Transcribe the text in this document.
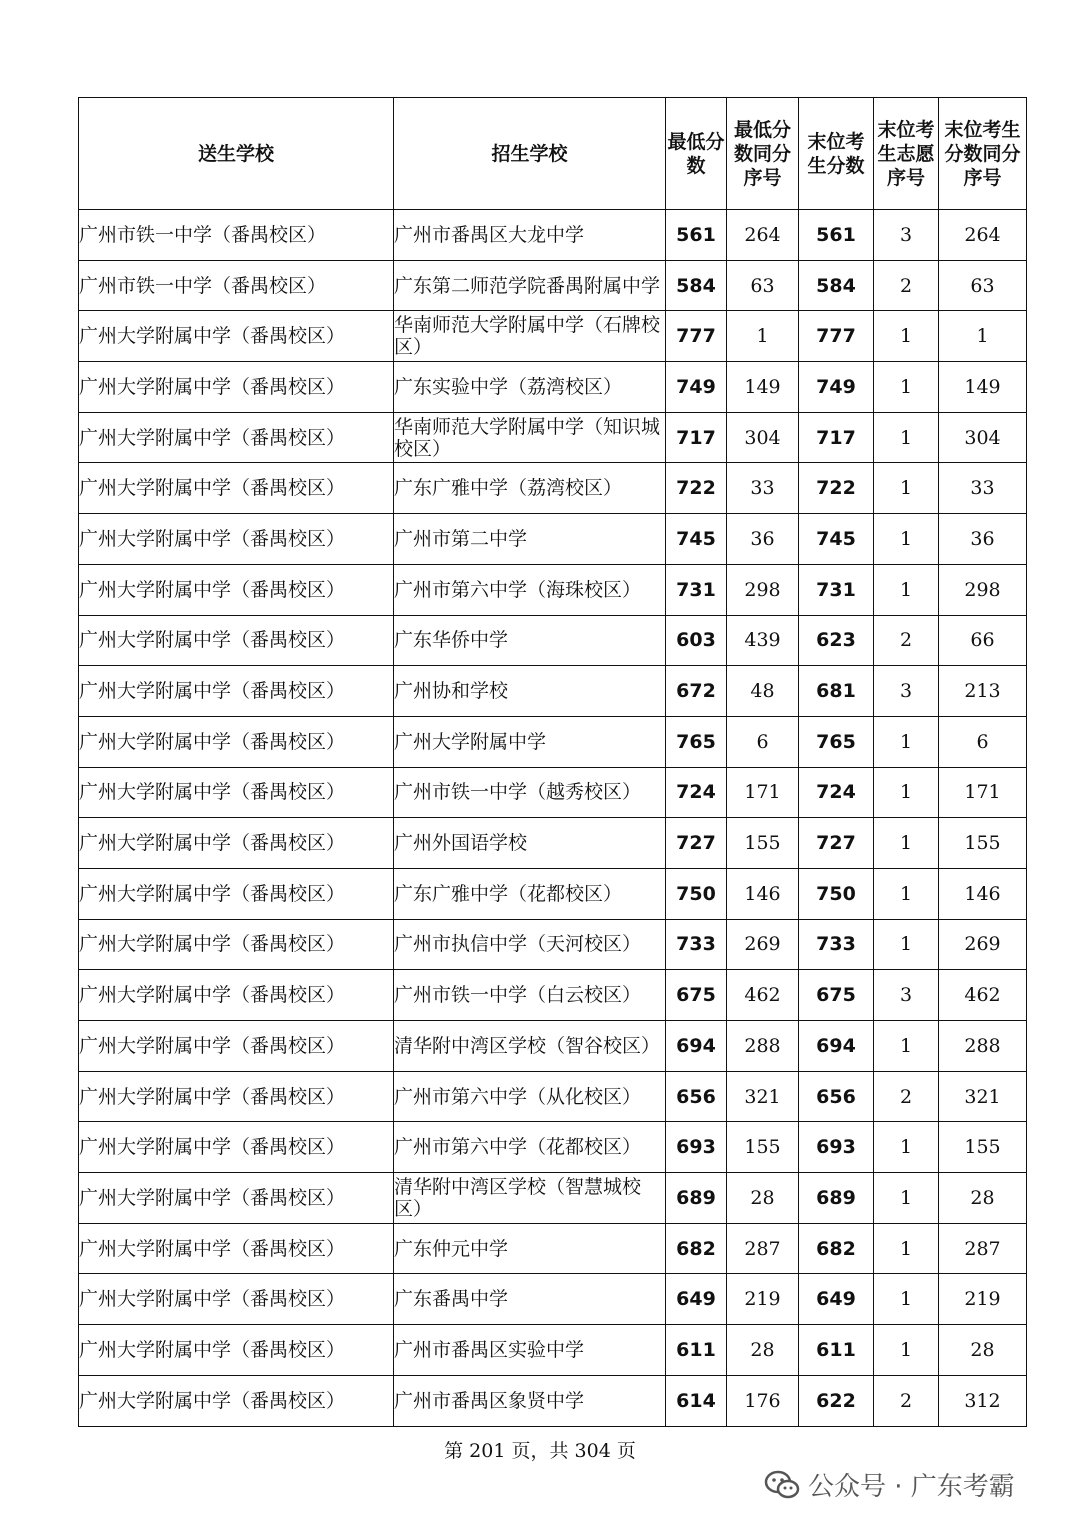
送生学校	招生学校	最低分数	最低分数同分序号	末位考生分数	末位考生志愿序号	末位考生分数同分序号
广州市铁一中学（番禺校区）	广州市番禺区大龙中学	561	264	561	3	264
广州市铁一中学（番禺校区）	广东第二师范学院番禺附属中学	584	63	584	2	63
广州大学附属中学（番禺校区）	华南师范大学附属中学（石牌校区）	777	1	777	1	1
广州大学附属中学（番禺校区）	广东实验中学（荔湾校区）	749	149	749	1	149
广州大学附属中学（番禺校区）	华南师范大学附属中学（知识城校区）	717	304	717	1	304
广州大学附属中学（番禺校区）	广东广雅中学（荔湾校区）	722	33	722	1	33
广州大学附属中学（番禺校区）	广州市第二中学	745	36	745	1	36
广州大学附属中学（番禺校区）	广州市第六中学（海珠校区）	731	298	731	1	298
广州大学附属中学（番禺校区）	广东华侨中学	603	439	623	2	66
广州大学附属中学（番禺校区）	广州协和学校	672	48	681	3	213
广州大学附属中学（番禺校区）	广州大学附属中学	765	6	765	1	6
广州大学附属中学（番禺校区）	广州市铁一中学（越秀校区）	724	171	724	1	171
广州大学附属中学（番禺校区）	广州外国语学校	727	155	727	1	155
广州大学附属中学（番禺校区）	广东广雅中学（花都校区）	750	146	750	1	146
广州大学附属中学（番禺校区）	广州市执信中学（天河校区）	733	269	733	1	269
广州大学附属中学（番禺校区）	广州市铁一中学（白云校区）	675	462	675	3	462
广州大学附属中学（番禺校区）	清华附中湾区学校（智谷校区）	694	288	694	1	288
广州大学附属中学（番禺校区）	广州市第六中学（从化校区）	656	321	656	2	321
广州大学附属中学（番禺校区）	广州市第六中学（花都校区）	693	155	693	1	155
广州大学附属中学（番禺校区）	清华附中湾区学校（智慧城校区）	689	28	689	1	28
广州大学附属中学（番禺校区）	广东仲元中学	682	287	682	1	287
广州大学附属中学（番禺校区）	广东番禺中学	649	219	649	1	219
广州大学附属中学（番禺校区）	广州市番禺区实验中学	611	28	611	1	28
广州大学附属中学（番禺校区）	广州市番禺区象贤中学	614	176	622	2	312
第 201 页，共 304 页
公众号 · 广东考霸
